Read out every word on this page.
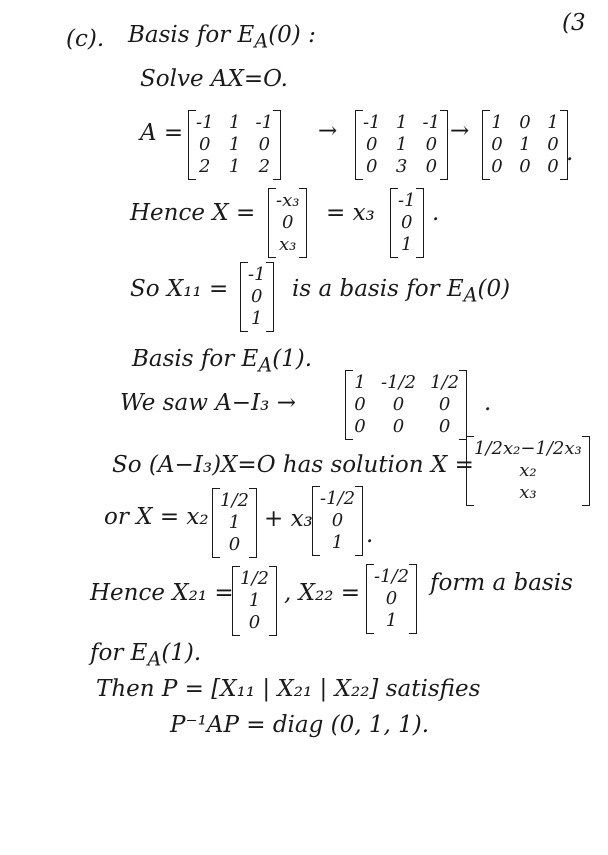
(3
(c). Basis for $E_A(0)$ :
Solve AX=O.
A = -1 1 -1
0 1 0
2 1 2
→ -1 1 -1
0 1 0
0 3 0
→ 1 0 1
0 1 0
0 0 0
.
Hence X = -x₃
0
x₃
= x₃ -1
0
1
.
So X₁₁ =
-1
0
1
is a basis for $E_A(0)$
Basis for $E_A(1)$.
We saw A−I₃ →
1 -1/2 1/2
0	0	0
0	0	0
.
So (A−I₃)X=O has solution X =
1/2x₂−1/2x₃
x₂
x₃
or X = x₂
1/2
1
0
+ x₃
-1/2
0
1 .
Hence X₂₁ =
1/2
1
0
, X₂₂ =
-1/2
0
1
form a basis
for $E_A(1)$.
Then P = [X₁₁ | X₂₁ | X₂₂] satisfies
P⁻¹AP = diag (0, 1, 1).
